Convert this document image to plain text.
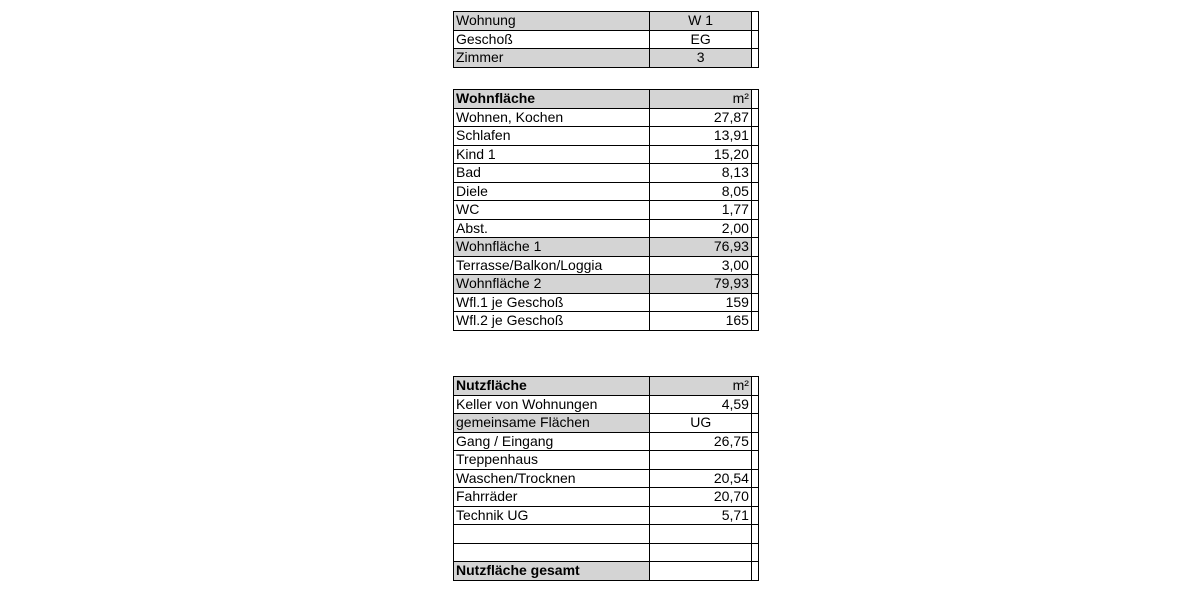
Wohnung	W 1	
Geschoß	EG	
Zimmer	3	
Wohnfläche	m²	
Wohnen, Kochen	27,87	
Schlafen	13,91	
Kind 1	15,20	
Bad	8,13	
Diele	8,05	
WC	1,77	
Abst.	2,00	
Wohnfläche 1	76,93	
Terrasse/Balkon/Loggia	3,00	
Wohnfläche 2	79,93	
Wfl.1 je Geschoß	159	
Wfl.2 je Geschoß	165	
Nutzfläche	m²	
Keller von Wohnungen	4,59	
gemeinsame Flächen	UG	
Gang / Eingang	26,75	
Treppenhaus		
Waschen/Trocknen	20,54	
Fahrräder	20,70	
Technik UG	5,71	

Nutzfläche gesamt		
